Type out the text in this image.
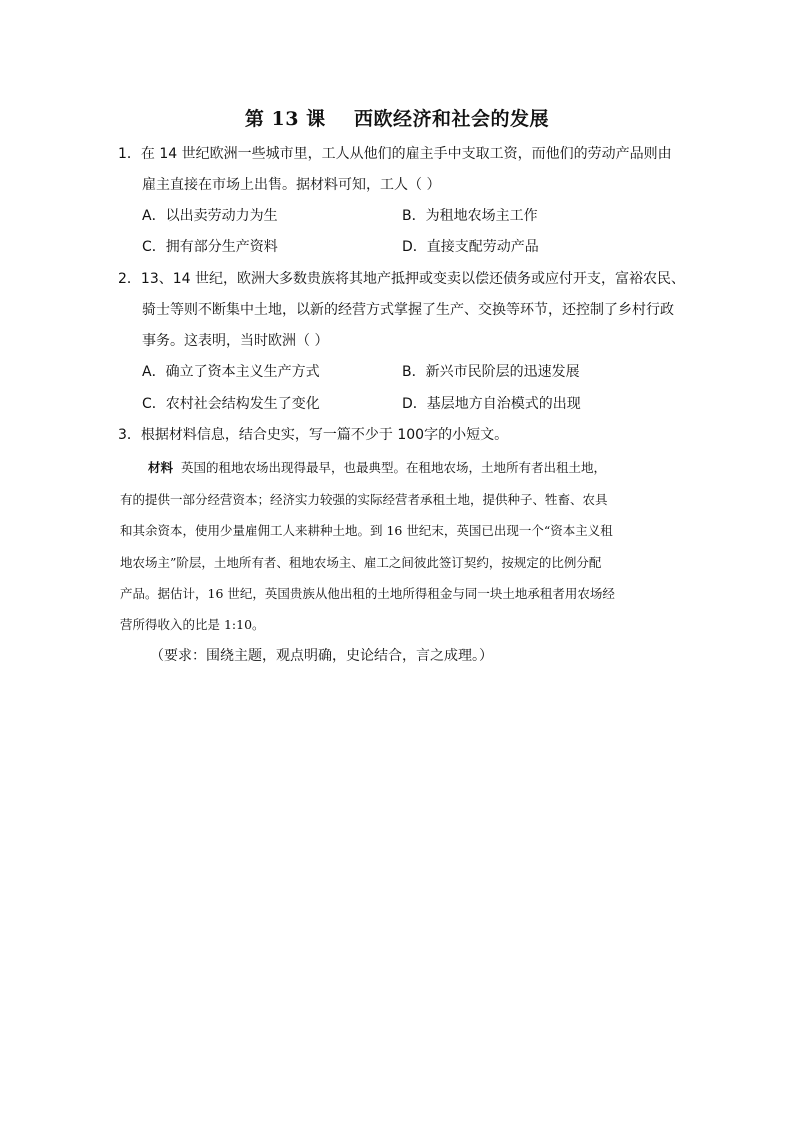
第 13 课    西欧经济和社会的发展
1．在 14 世纪欧洲一些城市里，工人从他们的雇主手中支取工资，而他们的劳动产品则由
雇主直接在市场上出售。据材料可知，工人（ ）
A．以出卖劳动力为生	B．为租地农场主工作
C．拥有部分生产资料	D．直接支配劳动产品
2．13、14 世纪，欧洲大多数贵族将其地产抵押或变卖以偿还债务或应付开支，富裕农民、
骑士等则不断集中土地，以新的经营方式掌握了生产、交换等环节，还控制了乡村行政
事务。这表明，当时欧洲（ ）
A．确立了资本主义生产方式	B．新兴市民阶层的迅速发展
C．农村社会结构发生了变化	D．基层地方自治模式的出现
3．根据材料信息，结合史实，写一篇不少于 100字的小短文。
材料 英国的租地农场出现得最早，也最典型。在租地农场，土地所有者出租土地，
有的提供一部分经营资本；经济实力较强的实际经营者承租土地，提供种子、牲畜、农具
和其余资本，使用少量雇佣工人来耕种土地。到 16 世纪末，英国已出现一个“资本主义租
地农场主”阶层，土地所有者、租地农场主、雇工之间彼此签订契约，按规定的比例分配
产品。据估计，16 世纪，英国贵族从他出租的土地所得租金与同一块土地承租者用农场经
营所得收入的比是 1:10。
（要求：围绕主题，观点明确，史论结合，言之成理。）
